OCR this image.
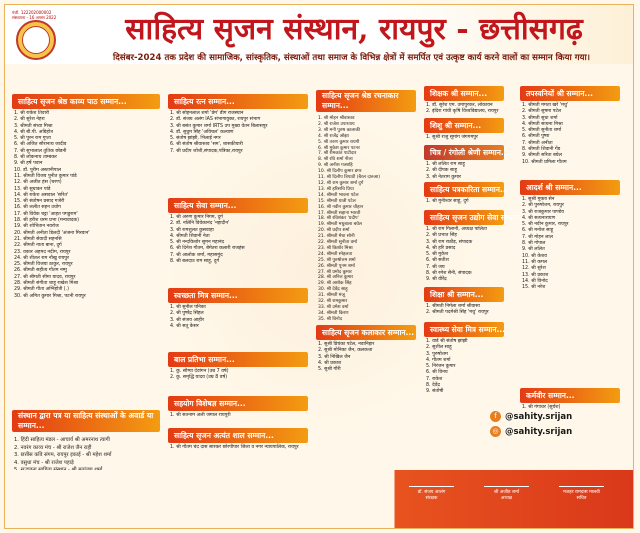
पंजी. 122202000002
संस्थापना - 16 अगस्त 2022	साहित्य सृजन संस्थान, रायपुर - छत्तीसगढ़
दिसंबर-2024 तक प्रदेश की सामाजिक, सांस्कृतिक, संस्थाओं तथा समाज के विभिन्न क्षेत्रों में समर्पित एवं उत्कृष्ट कार्य करने वालों का सम्मान किया गया।
साहित्य सृजन श्रेष्ठ काव्य पाठ सम्मान...
1. श्री राकेश तिवारी
2. श्री सुरेश नेहरा
3. श्रीमती संध्या मिश्रा
4. श्री बी.पी. अग्रिहोत्र
5. श्री पुरन राम गुप्ता
6. श्री अजित सौरानाथ जादीव
7. श्री सुभालाल तुतिक छोडनी
8. श्री लोकनाथ ताम्बकर
9. श्री हर्षे पवान
10. डॉ. पुरीम अस्तानीपाल
11. श्रीमती विजय पुनीत कुमार पांडे
12. श्री अजीत हंस (चरण)
13. श्री सुधाकर पांडे
14. श्री राकेश असवाल 'सरित'
15. श्री संतोषन प्रसाद गजेरी
16. श्री ललीत सहन उधोग
17. श्री विवेक चट्टा 'आहत पगडुराम'
18. श्री हरीश धरम प्रभा (मन्यवादक)
19. श्री शोभितान नवरोज
20. श्रीमती अनीता डिलदी 'अंजना मिरवान'
21. श्रीमती सेवादी सहनसि
22. श्रीमती नाता बाना, दुर्ग
23. वकार अहमद नदीम, रायपुर
24. श्री शीतल राम नौखु रायपुर
25. श्रीमती विजया ठाकुर, रायपुर
26. श्रीमती सहीत्य गौतम नम्मु
27. श्री श्रीमती सीमा यादव, रायपुर
28. श्रीमती संगीता शाहू राखेश मिश्रा
29. श्रीमती गीता अग्निहोत्री (.)
30. श्री अमित कुमार मिश्रा, पटनी रायपुर
संस्थान द्वारा पत्र या साहित्य संस्थाओं के अवार्ड या सम्मान...
1. हिंदी साहित्य मंडल - आचार्य श्री अमरनाथ त्यागी
2. नवरंग काव्य मंच - श्री राजेश जैन राही
3. छत्तीस कवि संगम, रायपुर इकाई - श्री महेश शर्मा
4. वसुधा मंच - श्री राजेश पहाड़े
साहित्य रत्न सम्मान...
1. श्री सोहनलाल शर्मा 'प्रेम' डीग राजस्थान
2. डॉ. संजय अलंग IAS संभागायुक्त, रायपुर संभाग
3. श्री बसंत कुमार शर्मा IRTS उप मुख्य वेतन बिलासपुर
4. डॉ. सुधुम सिंह 'अविचल' कल्याण
5. संतोष झांझी, भिलाई नगर
6. श्री संतोष श्रीवास्तव 'सम', शासकीयारी
7. श्री प्रदीप जोशी,संपादक,पत्रिका,रायपुर
साहित्य सेवा सम्मान...
1. श्री अरुण कुमार निगम, दुर्ग
2. डॉ. नलिनि विवेकानंद 'नहादीन'
3. श्री रामशुलत कुसवाहा
4. श्रीमती शिवानी नेता
5. श्री नन्दकिशोर सुमन महानंद
6. श्री दिनेश गौतम, बेमेतरा कलारी राजहंस
7. श्री आलोक शर्मा, महासमुंद
8. श्री बलदाउ राम साहू, दुर्ग
स्वच्छता मित्र सम्मान...
1. श्री सुनील पनिका
2. श्री पुष्पेंद्र सिंहल
3. श्री संजय आहीर
4. श्री सतू केसर
बाल प्रतिभा सम्मान...
1. कु. सौम्या देवांगन (उम्र 7 वर्ष)
2. कु. समृद्धि यादव (उम्र 8 वर्ष)
सहयोग विशेषज्ञ सम्मान...
1. श्री सतनाम अली जमाल रायपुरी
साहित्य सृजन अत्यंत शाल सम्मान...
1. श्री गौतम चंद दास सारकर छोरपीपार जिला व नगर न्यायपालिक, रायपुर
साहित्य सृजन श्रेष्ठ रचनाकार सम्मान...
1. श्री मोहन श्रीवास्तव
2. श्री राजेश उपाध्याय
3. श्री मनी पुरुष कालाकी
4. श्री राजेंद्र ओझा
5. श्री तरुण कुमार रायगी
6. श्री मुकेश कुमार पटनर
7. श्री रीमकांत पाटीदार
8. श्री रवि शर्मा नीला
9. श्री अनीश गत्साहि
10. श्री दिलीप कुमार डगर
11. श्री दिलीप त्रिपाठी (बैरल दारुआ)
12. श्री राम कुमार शर्मा दुर्ग
13. श्री हरिसचि प्रिया
14. श्रीमती भावना पटेल
15. श्रीमती धात्री पटेल
16. श्री नवीन कुमार चौहान
17. श्रीमती सहाना भारती
18. श्री रविशंकर 'प्रदीप'
19. श्रीमती मधुबाला बघेल
20. श्री प्रदीप शर्मा
21. श्रीमती मेघा सोनी
22. श्रीमती सुनीता वर्मा
23. श्री किशोर मिश्रा
24. श्रीमती स्नेहलता
25. श्री पुरुषोत्तम शर्मा
26. श्रीमती पूनम शर्मा
27. श्री प्रमोद कुमार
28. श्री अनिल कुमार
29. श्री अशोक सिंह
30. श्री देवेंद्र साहू
31. श्रीमती मंजू
32. श्री रामकुमार
33. श्री उमेश वर्मा
34. श्रीमती किरण
35. श्री विनोद
साहित्य सृजन कलाकार सम्मान...
1. सुश्री प्रियंका पटेल, नवानिहार
2. सुश्री मोनिका जैन, कलकत्ता
3. श्री निखिल जैन
4. श्री प्रकाश
5. सुश्री गौरी
शिक्षक श्री सम्मान...
1. डॉ. सुरेश एम. उमापुरकर, लोकायन
2. इंदिरा गांधी कृषि विश्वविद्यालय, रायपुर
शिशु श्री सम्मान...
1. सुश्री राजु सूमांग जंगगमपुर
चित्र / रंगोली श्रेणी सम्मान...
1. श्री ललित राम साहू
2. श्री दीपक साहू
3. श्री नेतराम कुमार
साहित्य पत्रकारिता सम्मान...
1. श्री मुनीश्वर साहू, दुर्ग
साहित्य सृजन उद्योग सेवा सम्मान...
1. श्री राम गिलानी, अध्यक्ष पालिता
2. श्री प्रभात सिंह
3. श्री राम राठौड़, संपादक
4. श्री हरि प्रसाद
5. श्री मुकेश
6. श्री सतीश
7. श्री जय
8. श्री रमेश सैनी, संपादक
9. श्री वीरेंद्र
शिक्षा श्री सम्मान...
1. श्रीमती निर्मला शर्मा श्रीवासा
2. श्रीमती पदमेश्री सिंह 'मधु' रायपुर
स्वास्थ्य सेवा मित्र सम्मान...
1. वार्ड श्री संतोष झांझी
2. सुशील साहू
3. पुरुषोत्तम
4. गौतम शर्मा
5. निरंजन कुमार
6. श्री विनय
7. राकेश
8. देवेंद्र
9. संतोषी
तपस्वनियों श्री सम्मान...
1. श्रीमती ममता खरे 'मधु'
2. श्रीमती सुषमा पटेल
3. श्रीमती सुधा शर्मा
4. श्रीमती साधना मिश्रा
5. श्रीमती सुनीता शर्मा
6. श्रीमती पुष्पा
7. श्रीमती अनीता
8. श्रीमती शिवानी गेंड
9. श्रीमती सरिता बघेल
10. श्रीमती प्रमिला गौतम
आदर्श श्री सम्मान...
1. सुश्री मुक्ता सेन
2. श्री पुरुषोत्तम, रायपुर
3. श्री राजकुमार पाण्डेय
4. श्री सत्यनारायण
5. श्री नवीन कुमार, रायपुर
6. श्री मनोज साहू
7. श्री मोहन लाल
8. श्री गोपाल
9. श्री ललित
10. श्री केशव
11. श्री कमल
12. श्री सुरेश
13. श्री प्रकाश
14. श्री विनोद
15. श्री नरेश
कर्मवीर सम्मान...
1. श्री गंगाधर (सुर्यंश)
f @sahity.srijan
◎ @sahity.srijan
डॉ. संजय आलंग
संरक्षक
श्री अजीत शर्मा
अध्यक्ष
मजहर रामदास मालवी
सचिव
